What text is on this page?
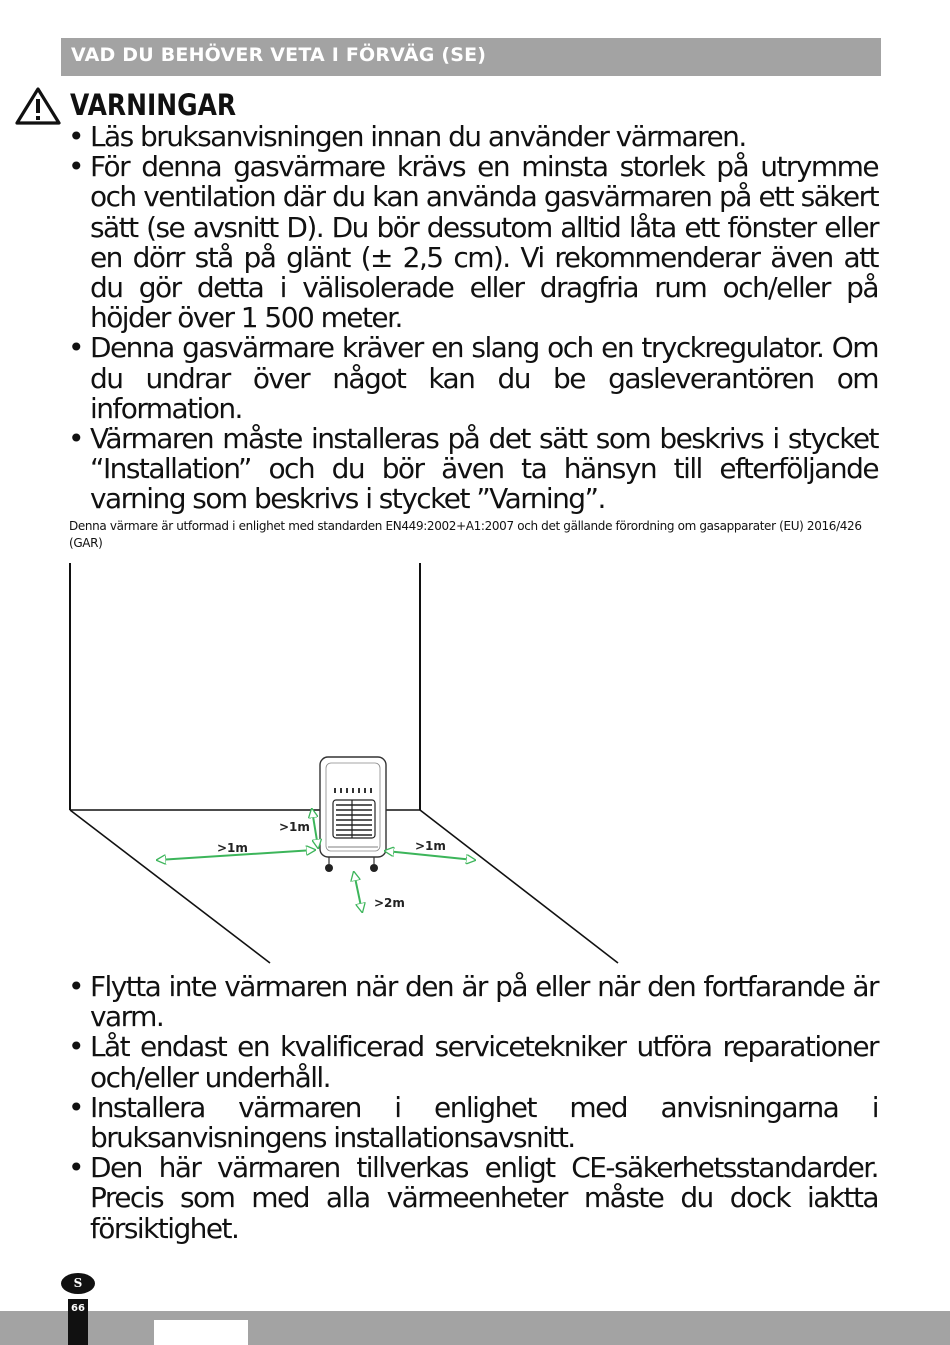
VAD DU BEHÖVER VETA I FÖRVÄG (SE)
VARNINGAR
• Läs bruksanvisningen innan du använder värmaren.
• För denna gasvärmare krävs en minsta storlek på utrymme och ventilation där du kan använda gasvärmaren på ett säkert sätt (se avsnitt D). Du bör dessutom alltid låta ett fönster eller en dörr stå på glänt (± 2,5 cm). Vi rekommenderar även att du gör detta i välisolerade eller dragfria rum och/eller på höjder över 1 500 meter.
• Denna gasvärmare kräver en slang och en tryckregulator. Om du undrar över något kan du be gasleverantören om information.
• Värmaren måste installeras på det sätt som beskrivs i stycket “Installation” och du bör även ta hänsyn till efterföljande varning som beskrivs i stycket ”Varning”.
Denna värmare är utformad i enlighet med standarden EN449:2002+A1:2007 och det gällande förordning om gasapparater (EU) 2016/426 (GAR)
>1m
>1m	>1m
>2m
• Flytta inte värmaren när den är på eller när den fortfarande är varm.
• Låt endast en kvalificerad servicetekniker utföra reparationer och/eller underhåll.
• Installera värmaren i enlighet med anvisningarna i bruksanvisningens installationsavsnitt.
• Den här värmaren tillverkas enligt CE-säkerhetsstandarder. Precis som med alla värmeenheter måste du dock iaktta försiktighet.
S
66
